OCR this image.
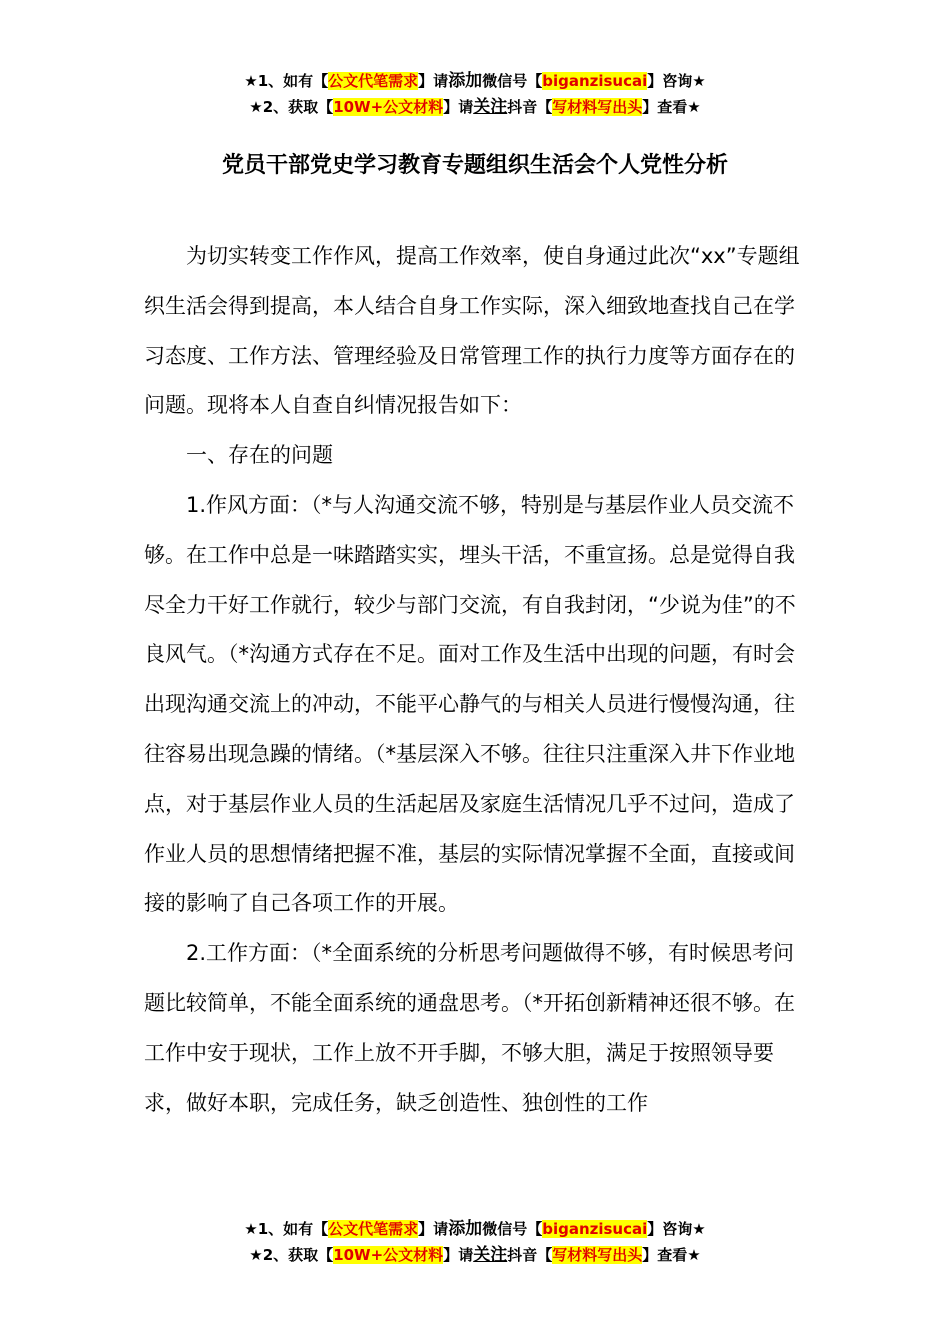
★1、如有【公文代笔需求】请添加微信号【biganzisucai】咨询★
★2、获取【10W+公文材料】请关注抖音【写材料写出头】查看★
党员干部党史学习教育专题组织生活会个人党性分析

为切实转变工作作风，提高工作效率，使自身通过此次“xx”专题组织生活会得到提高，本人结合自身工作实际，深入细致地查找自己在学习态度、工作方法、管理经验及日常管理工作的执行力度等方面存在的问题。现将本人自查自纠情况报告如下：

一、存在的问题

1.作风方面：（*与人沟通交流不够，特别是与基层作业人员交流不够。在工作中总是一味踏踏实实，埋头干活，不重宣扬。总是觉得自我尽全力干好工作就行，较少与部门交流，有自我封闭，“少说为佳”的不良风气。（*沟通方式存在不足。面对工作及生活中出现的问题，有时会出现沟通交流上的冲动，不能平心静气的与相关人员进行慢慢沟通，往往容易出现急躁的情绪。（*基层深入不够。往往只注重深入井下作业地点，对于基层作业人员的生活起居及家庭生活情况几乎不过问，造成了作业人员的思想情绪把握不准，基层的实际情况掌握不全面，直接或间接的影响了自己各项工作的开展。

2.工作方面：（*全面系统的分析思考问题做得不够，有时候思考问题比较简单，不能全面系统的通盘思考。（*开拓创新精神还很不够。在工作中安于现状，工作上放不开手脚，不够大胆，满足于按照领导要求，做好本职，完成任务，缺乏创造性、独创性的工作

★1、如有【公文代笔需求】请添加微信号【biganzisucai】咨询★
★2、获取【10W+公文材料】请关注抖音【写材料写出头】查看★
